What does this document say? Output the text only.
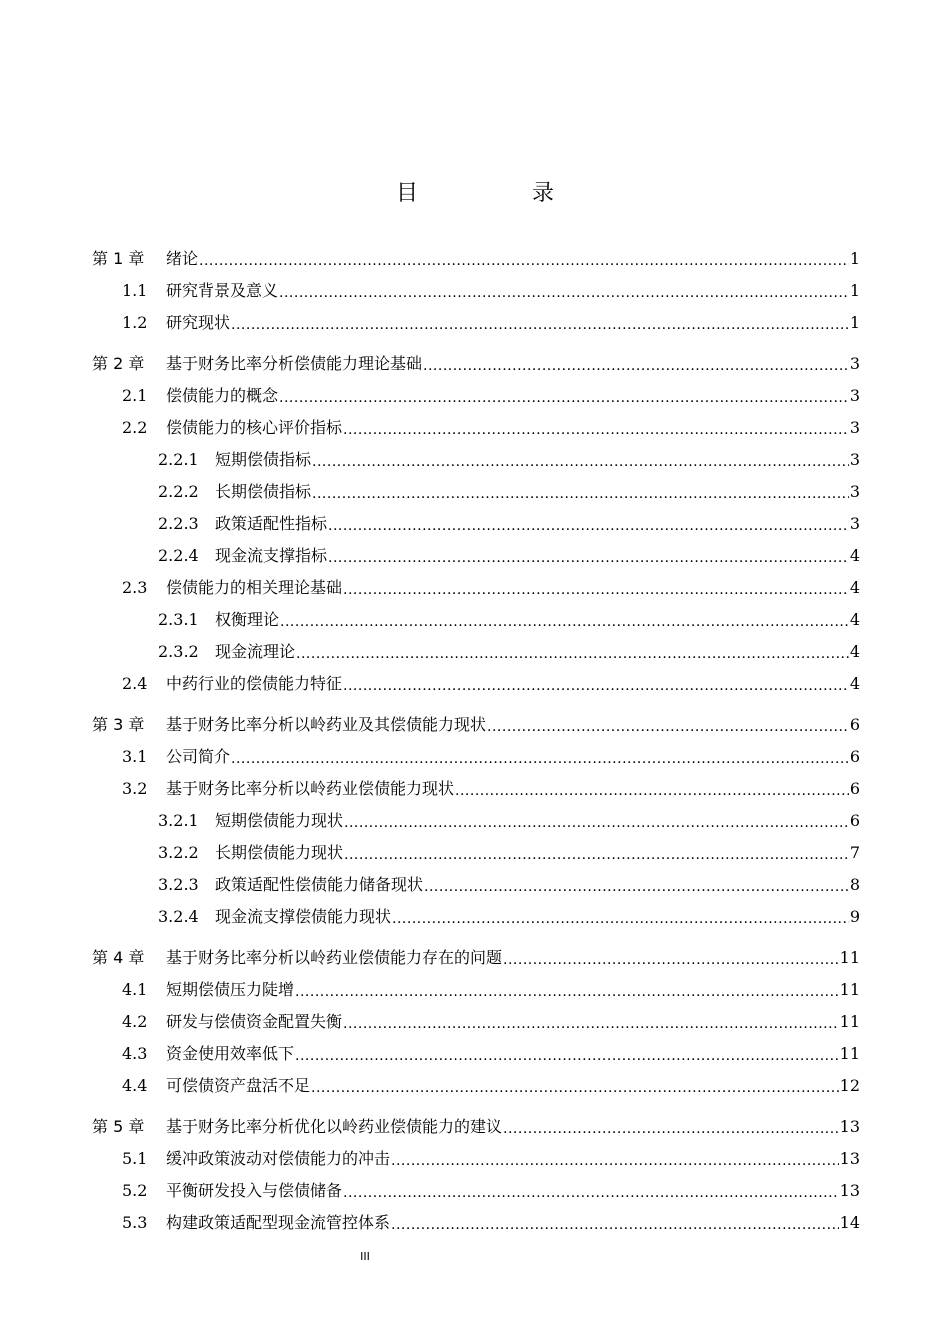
目　录
第 1 章	绪论 .....	1
1.1	研究背景及意义 .....	1
1.2	研究现状 .....	1
第 2 章	基于财务比率分析偿债能力理论基础 .....	3
2.1	偿债能力的概念 .....	3
2.2	偿债能力的核心评价指标 .....	3
2.2.1	短期偿债指标 .....	3
2.2.2	长期偿债指标 .....	3
2.2.3	政策适配性指标 .....	3
2.2.4	现金流支撑指标 .....	4
2.3	偿债能力的相关理论基础 .....	4
2.3.1	权衡理论 .....	4
2.3.2	现金流理论 .....	4
2.4	中药行业的偿债能力特征 .....	4
第 3 章	基于财务比率分析以岭药业及其偿债能力现状 .....	6
3.1	公司简介 .....	6
3.2	基于财务比率分析以岭药业偿债能力现状 .....	6
3.2.1	短期偿债能力现状 .....	6
3.2.2	长期偿债能力现状 .....	7
3.2.3	政策适配性偿债能力储备现状 .....	8
3.2.4	现金流支撑偿债能力现状 .....	9
第 4 章	基于财务比率分析以岭药业偿债能力存在的问题 .....	11
4.1	短期偿债压力陡增 .....	11
4.2	研发与偿债资金配置失衡 .....	11
4.3	资金使用效率低下 .....	11
4.4	可偿债资产盘活不足 .....	12
第 5 章	基于财务比率分析优化以岭药业偿债能力的建议 .....	13
5.1	缓冲政策波动对偿债能力的冲击 .....	13
5.2	平衡研发投入与偿债储备 .....	13
5.3	构建政策适配型现金流管控体系 .....	14
III
